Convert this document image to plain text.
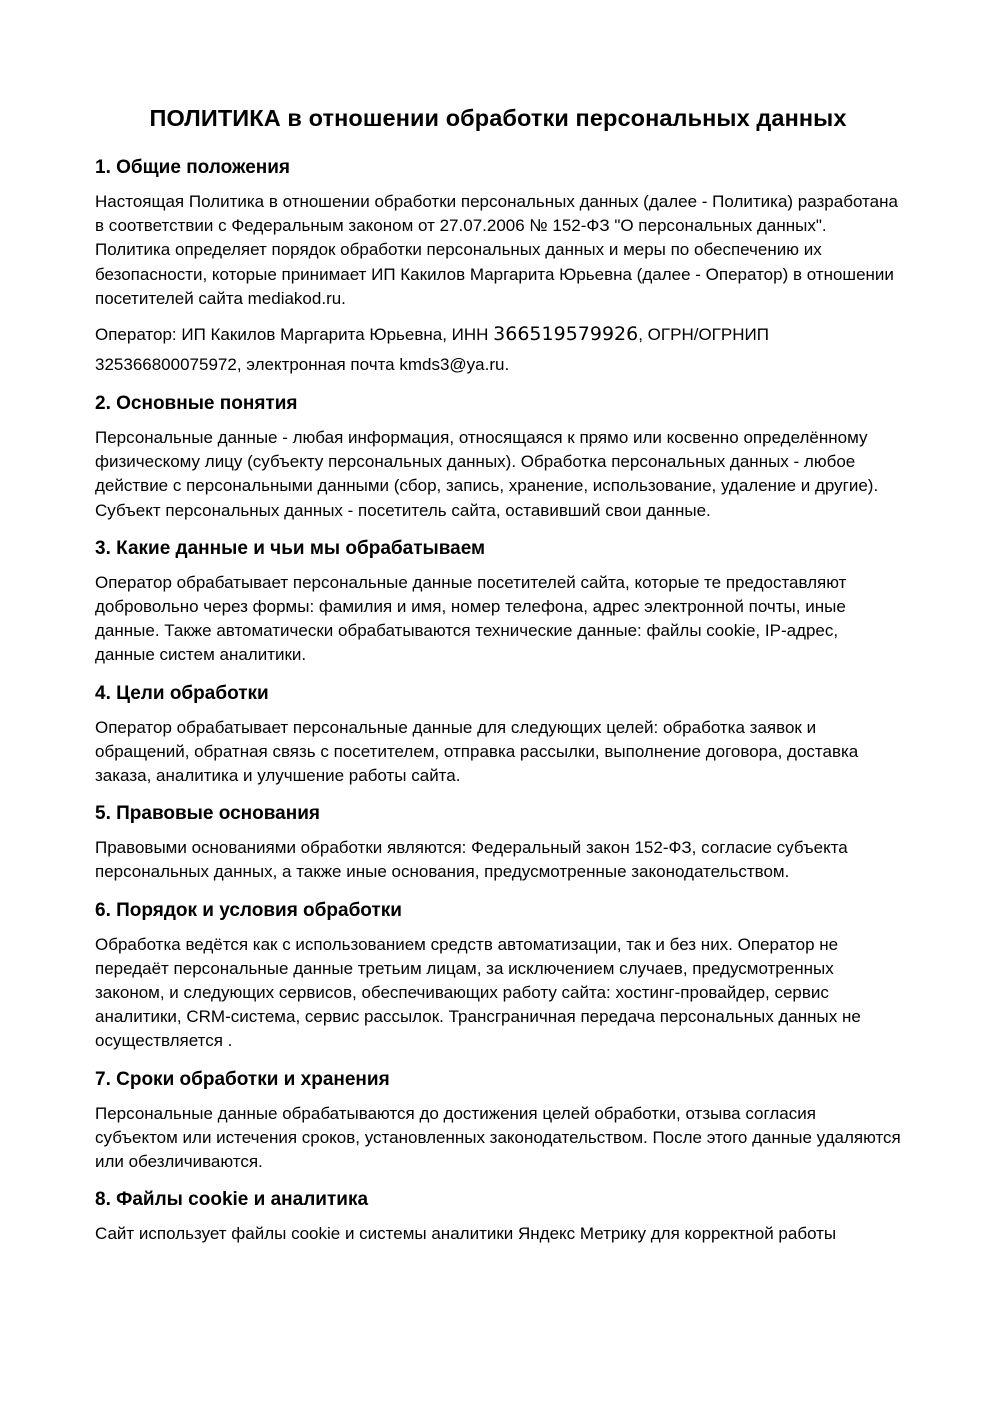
ПОЛИТИКА в отношении обработки персональных данных
1. Общие положения

Настоящая Политика в отношении обработки персональных данных (далее - Политика) разработана в соответствии с Федеральным законом от 27.07.2006 № 152-ФЗ "О персональных данных". Политика определяет порядок обработки персональных данных и меры по обеспечению их безопасности, которые принимает ИП Какилов Маргарита Юрьевна (далее - Оператор) в отношении посетителей сайта mediakod.ru.

Оператор: ИП Какилов Маргарита Юрьевна, ИНН 366519579926, ОГРН/ОГРНИП 325366800075972, электронная почта kmds3@ya.ru.

2. Основные понятия

Персональные данные - любая информация, относящаяся к прямо или косвенно определённому физическому лицу (субъекту персональных данных). Обработка персональных данных - любое действие с персональными данными (сбор, запись, хранение, использование, удаление и другие). Субъект персональных данных - посетитель сайта, оставивший свои данные.

3. Какие данные и чьи мы обрабатываем

Оператор обрабатывает персональные данные посетителей сайта, которые те предоставляют добровольно через формы: фамилия и имя, номер телефона, адрес электронной почты, иные данные. Также автоматически обрабатываются технические данные: файлы cookie, IP-адрес, данные систем аналитики.

4. Цели обработки

Оператор обрабатывает персональные данные для следующих целей: обработка заявок и обращений, обратная связь с посетителем, отправка рассылки, выполнение договора, доставка заказа, аналитика и улучшение работы сайта.

5. Правовые основания

Правовыми основаниями обработки являются: Федеральный закон 152-ФЗ, согласие субъекта персональных данных, а также иные основания, предусмотренные законодательством.

6. Порядок и условия обработки

Обработка ведётся как с использованием средств автоматизации, так и без них. Оператор не передаёт персональные данные третьим лицам, за исключением случаев, предусмотренных законом, и следующих сервисов, обеспечивающих работу сайта: хостинг-провайдер, сервис аналитики, CRM-система, сервис рассылок. Трансграничная передача персональных данных не осуществляется .

7. Сроки обработки и хранения

Персональные данные обрабатываются до достижения целей обработки, отзыва согласия субъектом или истечения сроков, установленных законодательством. После этого данные удаляются или обезличиваются.

8. Файлы cookie и аналитика

Сайт использует файлы cookie и системы аналитики Яндекс Метрику для корректной работы
